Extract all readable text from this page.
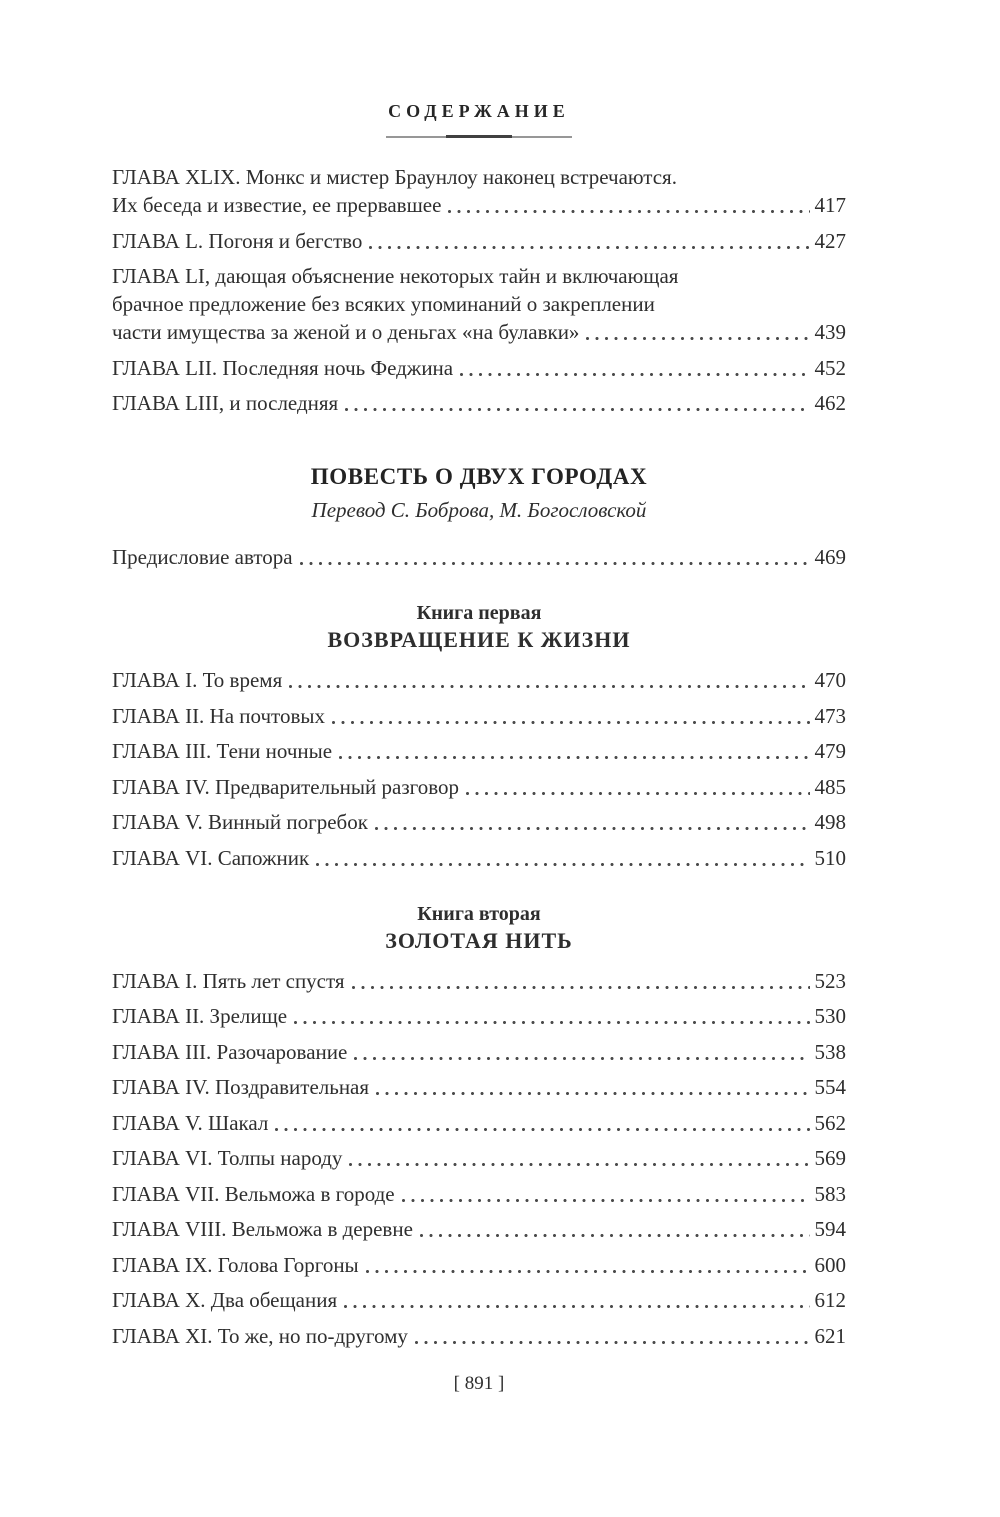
СОДЕРЖАНИЕ
ГЛАВА XLIX. Монкс и мистер Браунлоу наконец встречаются.
Их беседа и известие, ее прервавшее	417
ГЛАВА L. Погоня и бегство	427
ГЛАВА LI, дающая объяснение некоторых тайн и включающая
брачное предложение без всяких упоминаний о закреплении
части имущества за женой и о деньгах «на булавки»	439
ГЛАВА LII. Последняя ночь Феджина	452
ГЛАВА LIII, и последняя	462
ПОВЕСТЬ О ДВУХ ГОРОДАХ
Перевод С. Боброва, М. Богословской
Предисловие автора	469
Книга первая
ВОЗВРАЩЕНИЕ К ЖИЗНИ
ГЛАВА I. То время	470
ГЛАВА II. На почтовых	473
ГЛАВА III. Тени ночные	479
ГЛАВА IV. Предварительный разговор	485
ГЛАВА V. Винный погребок	498
ГЛАВА VI. Сапожник	510
Книга вторая
ЗОЛОТАЯ НИТЬ
ГЛАВА I. Пять лет спустя	523
ГЛАВА II. Зрелище	530
ГЛАВА III. Разочарование	538
ГЛАВА IV. Поздравительная	554
ГЛАВА V. Шакал	562
ГЛАВА VI. Толпы народу	569
ГЛАВА VII. Вельможа в городе	583
ГЛАВА VIII. Вельможа в деревне	594
ГЛАВА IX. Голова Горгоны	600
ГЛАВА X. Два обещания	612
ГЛАВА XI. То же, но по-другому	621
[ 891 ]
